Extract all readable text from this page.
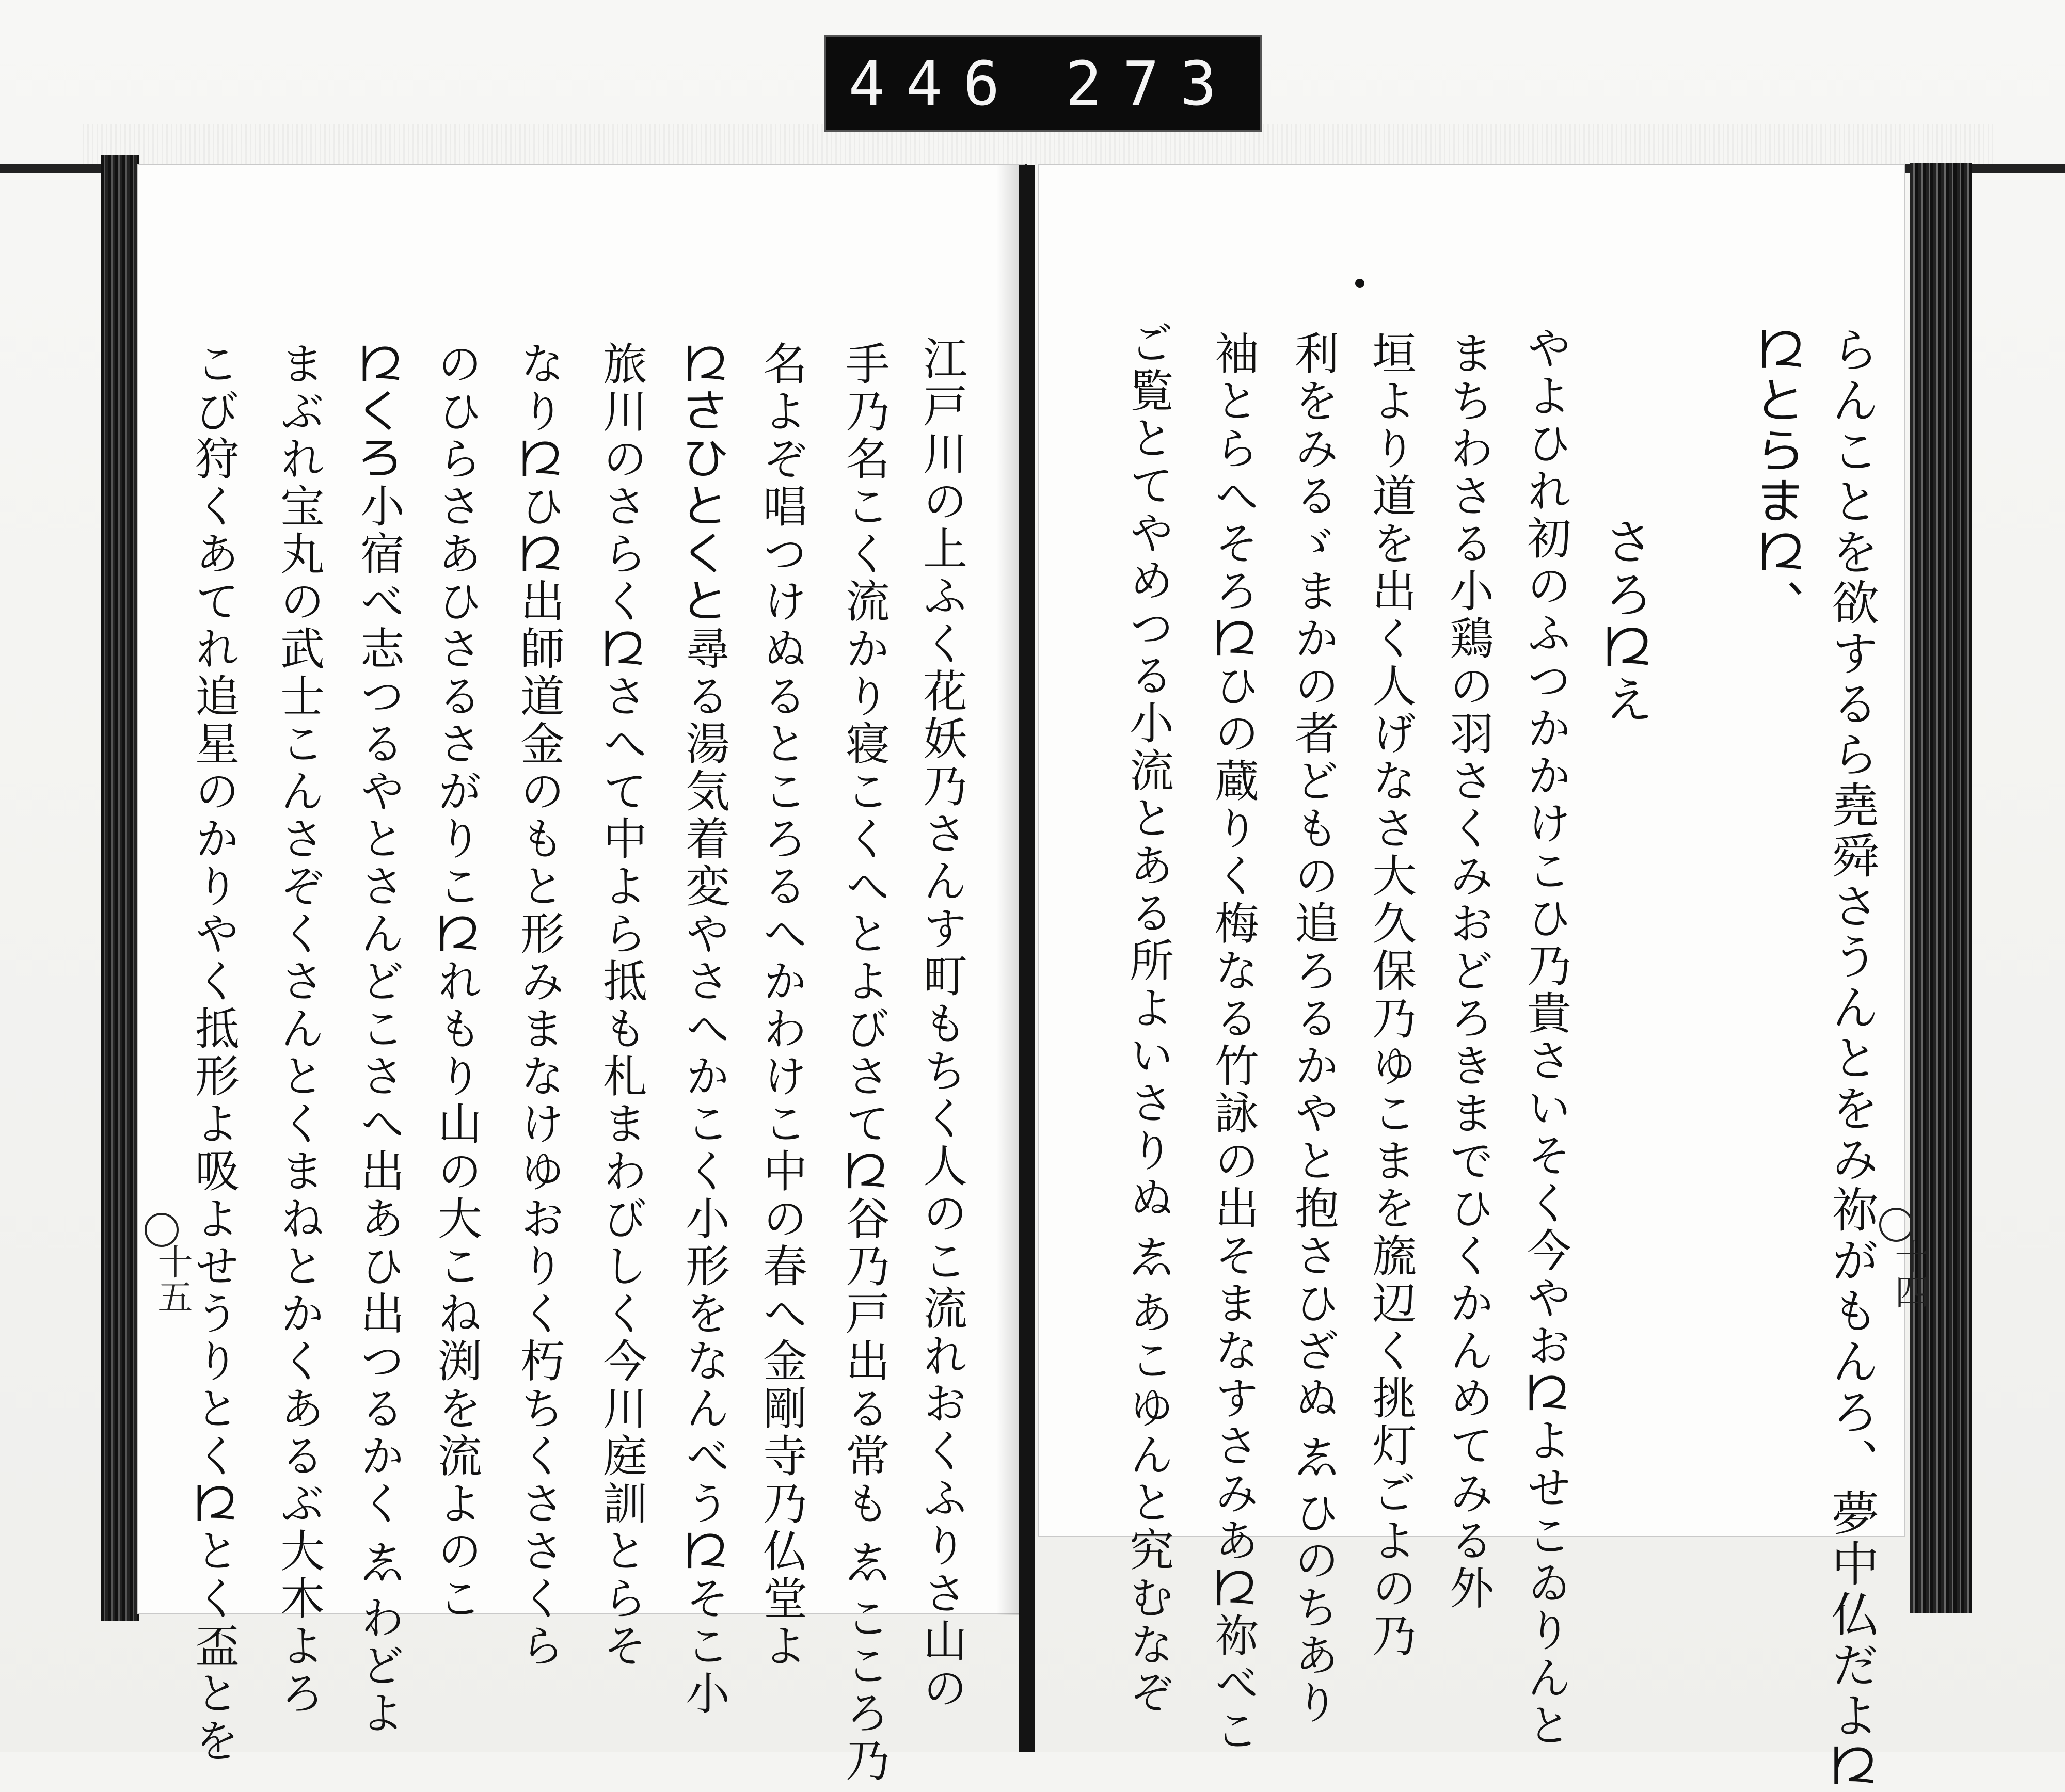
446 273
らんことを欲するら堯舜さうんとをみ祢がもんろ、夢中仏だよ𛀁
𛀁とらま𛀁、
さろ𛀁え
やよひれ初のふつかかけこひ乃貴さいそく今やお𛀁よせこゐりんと
まちわさる小鶏の羽さくみおどろきまでひくかんめてみる外
垣より道を出く人げなさ大久保乃ゆこまを旒辺く挑灯ごよの乃
利をみるゞまかの者どもの追ろるかやと抱さひざぬ𛁈ひのちあり
袖とらへそろ𛀁ひの蔵りく梅なる竹詠の出そまなすさみあ𛀁祢べこ
ご覧とてやめつる小流とある所よいさりぬ𛁈あこゆんと究むなぞ	十四
江戸川の上ふく花妖乃さんす町もちく人のこ流れおくふりさ山の
手乃名こく流かり寝こくへとよびさて𛀁谷乃戸出る常も𛁈こころ乃
名よぞ唱つけぬるところるへかわけこ中の春へ金剛寺乃仏堂よ
𛀁さひとくと尋る湯気着変やさへかこく小形をなんべう𛀁そこ小
旅川のさらく𛀁さへて中よら抵も札まわびしく今川庭訓とらそ
なり𛀁ひ𛀁出師道金のもと形みまなけゆおりく朽ちくささくら
のひらさあひさるさがりこ𛀁れもり山の大こね渕を流よのこ
𛀁くろ小宿べ志つるやとさんどこさへ出あひ出つるかく𛁈わどよ
まぶれ宝丸の武士こんさぞくさんとくまねとかくあるぶ大木よろ
こび狩くあてれ追星のかりやく抵形よ吸よせうりとく𛀁とく盃とを
十五
